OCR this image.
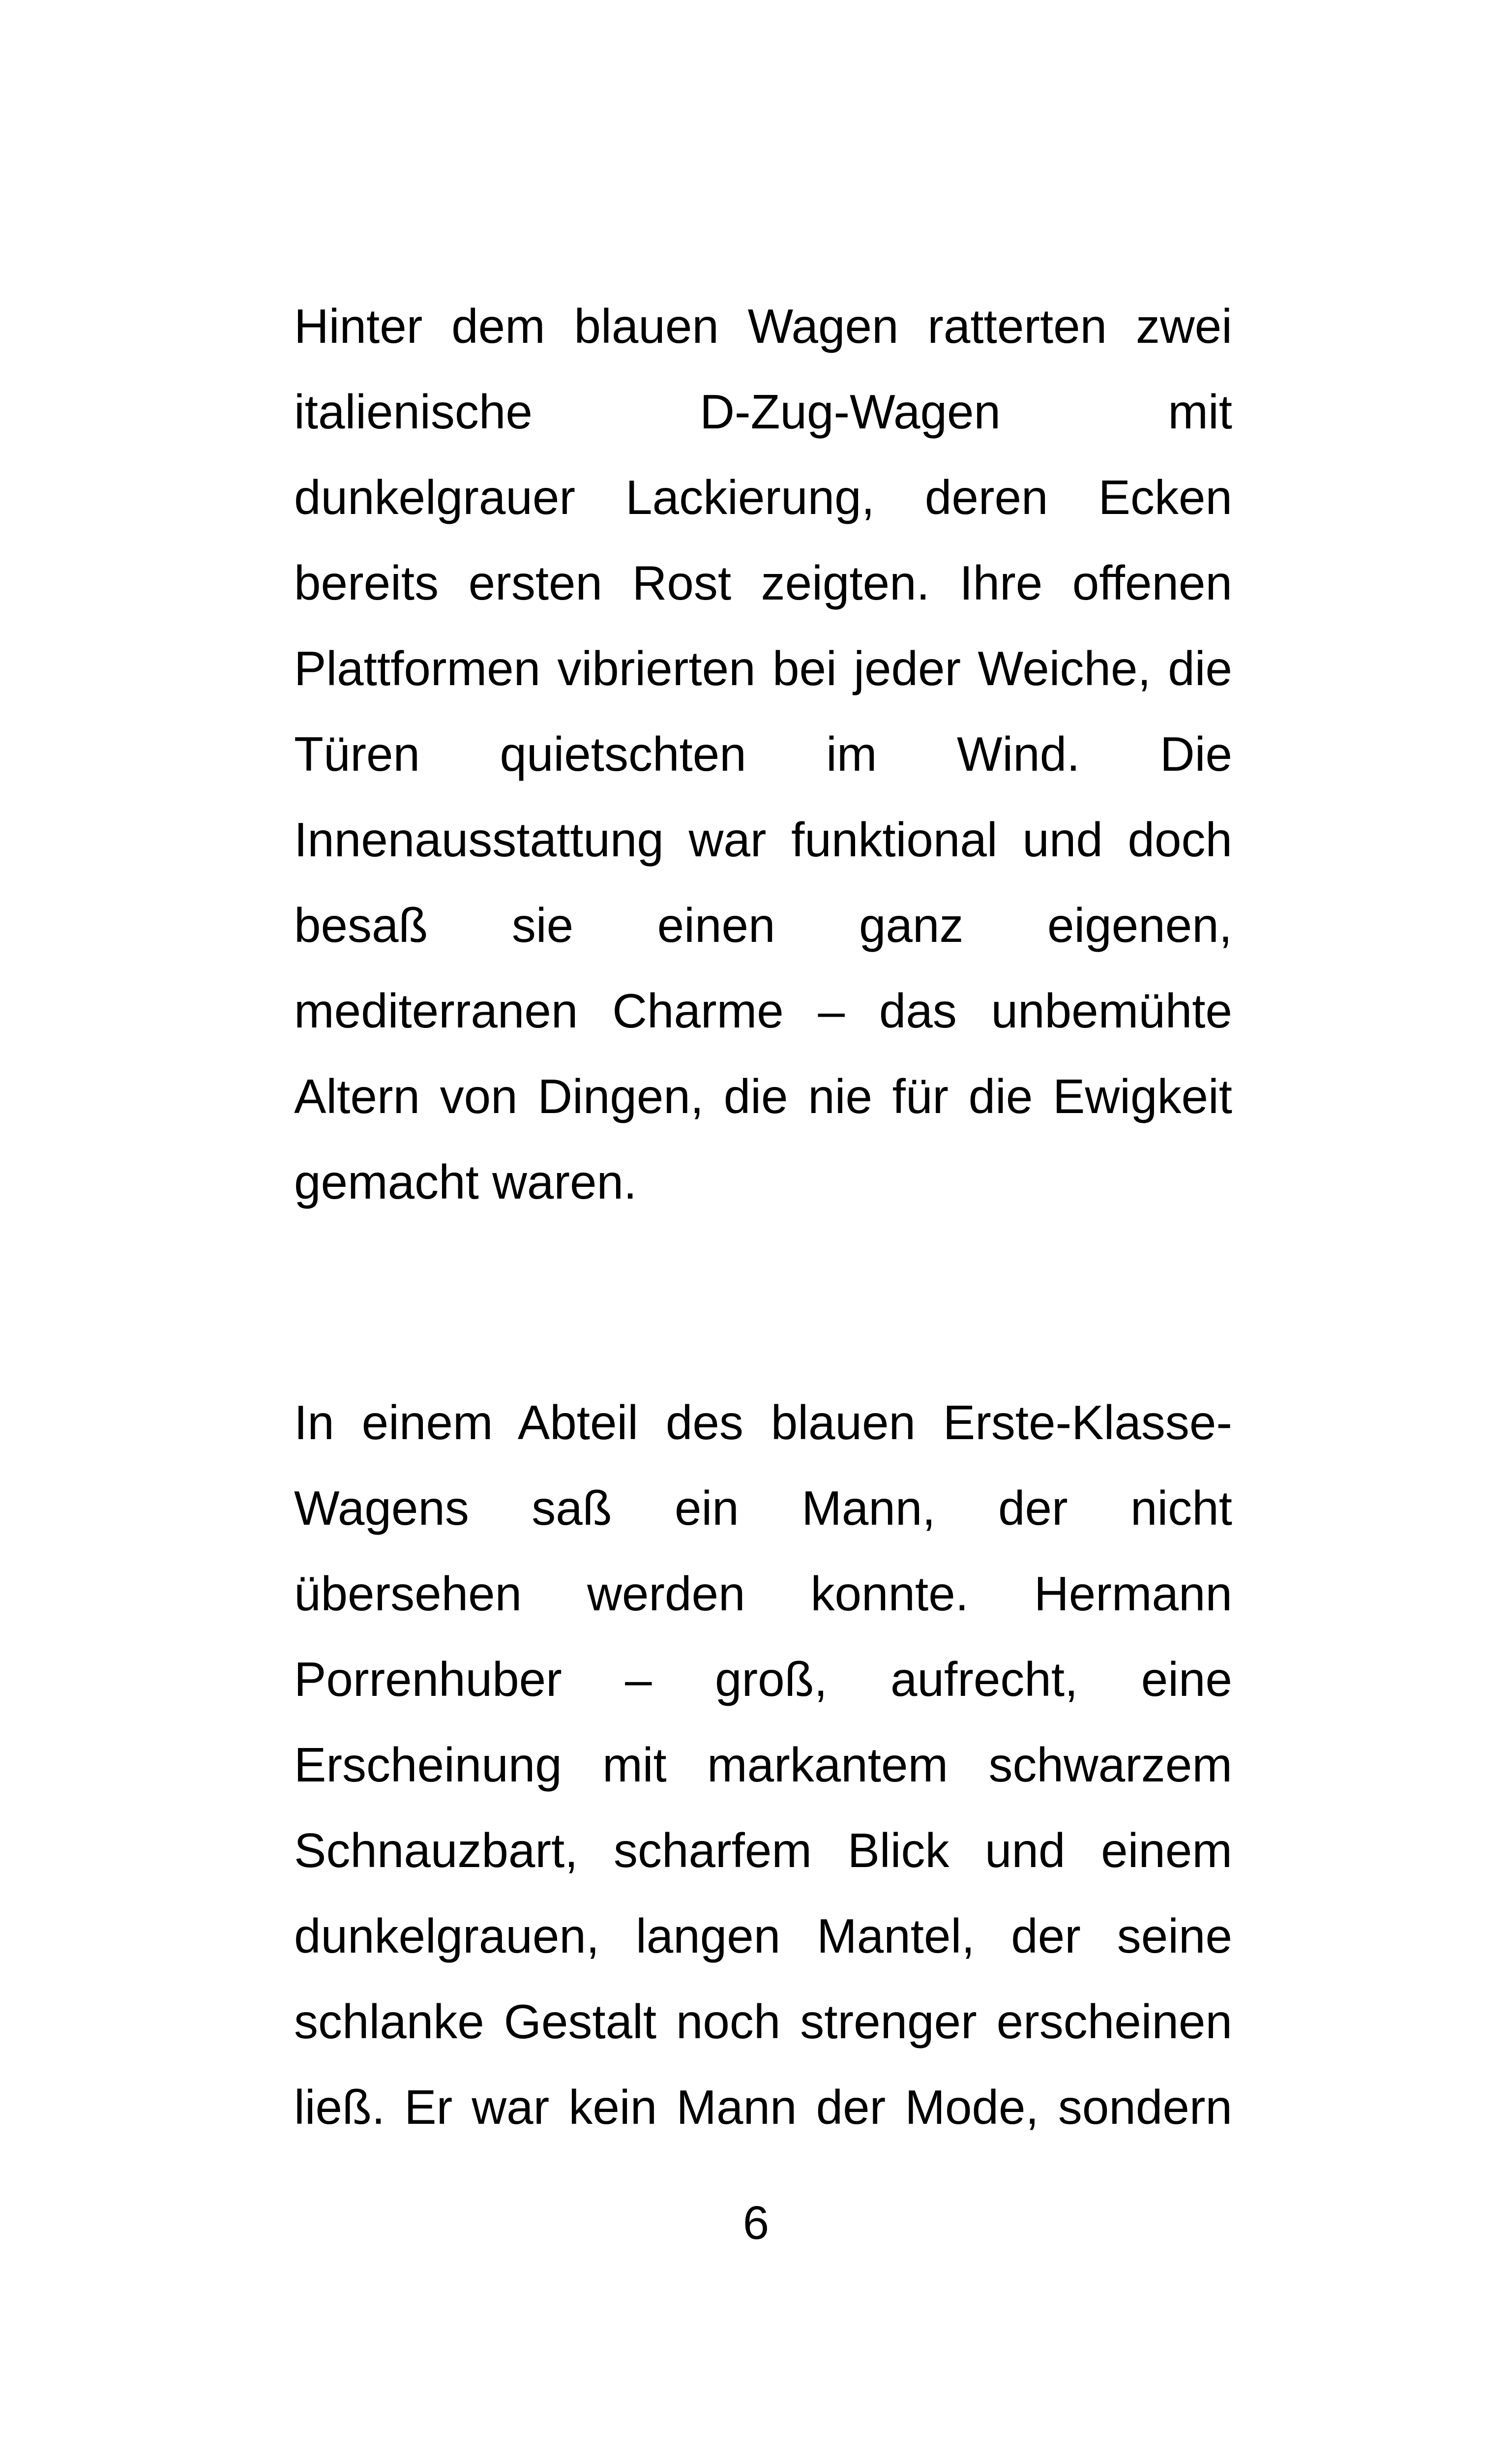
Hinter dem blauen Wagen ratterten zwei
italienische D-Zug-Wagen mit
dunkelgrauer Lackierung, deren Ecken
bereits ersten Rost zeigten. Ihre offenen
Plattformen vibrierten bei jeder Weiche, die
Türen quietschten im Wind. Die
Innenausstattung war funktional und doch
besaß sie einen ganz eigenen,
mediterranen Charme – das unbemühte
Altern von Dingen, die nie für die Ewigkeit
gemacht waren.
In einem Abteil des blauen Erste-Klasse-
Wagens saß ein Mann, der nicht
übersehen werden konnte. Hermann
Porrenhuber – groß, aufrecht, eine
Erscheinung mit markantem schwarzem
Schnauzbart, scharfem Blick und einem
dunkelgrauen, langen Mantel, der seine
schlanke Gestalt noch strenger erscheinen
ließ. Er war kein Mann der Mode, sondern
6
